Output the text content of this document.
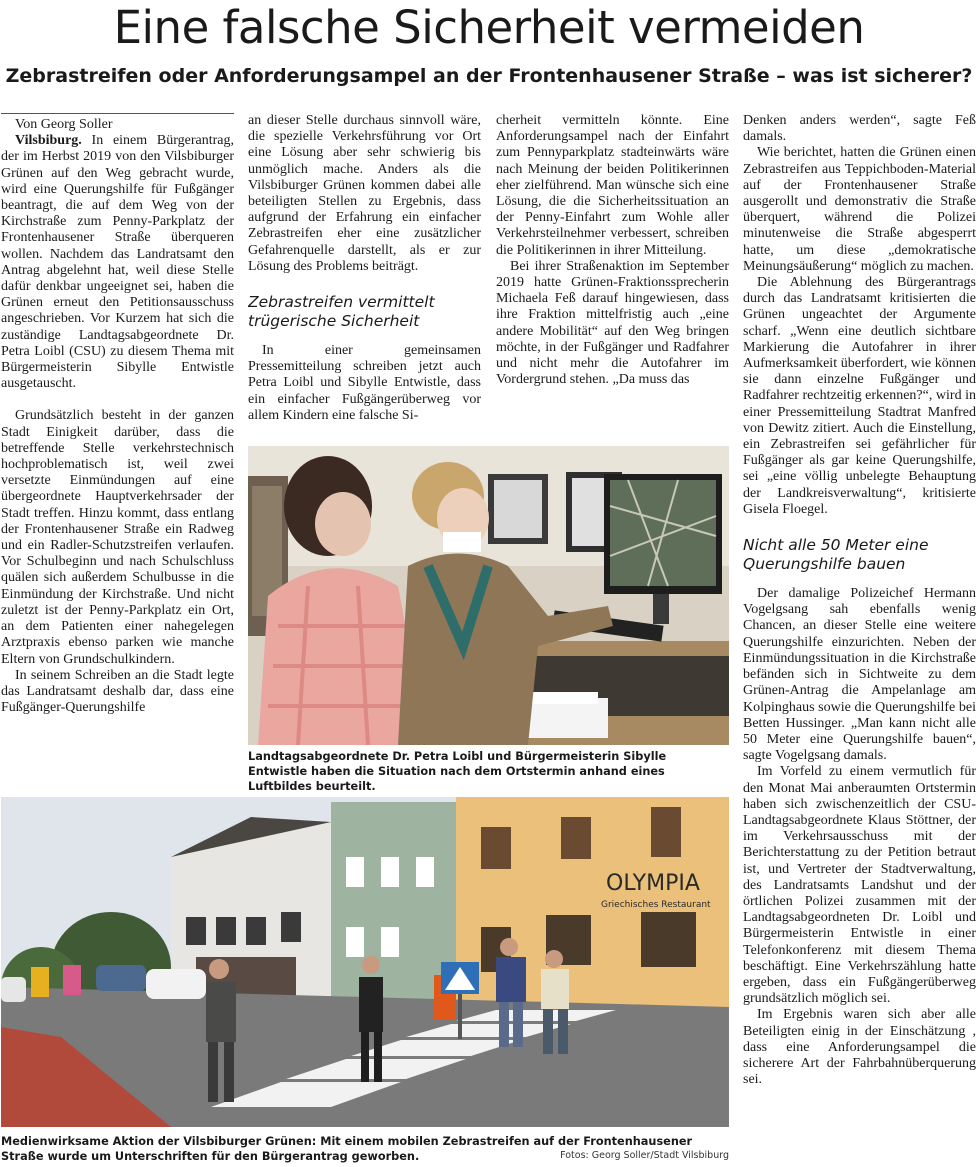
Eine falsche Sicherheit vermeiden
Zebrastreifen oder Anforderungsampel an der Frontenhausener Straße – was ist sicherer?

Von Georg Soller

Vilsbiburg. In einem Bürgerantrag, der im Herbst 2019 von den Vilsbiburger Grünen auf den Weg gebracht wurde, wird eine Querungshilfe für Fußgänger beantragt, die auf dem Weg von der Kirchstraße zum Penny-Parkplatz der Frontenhausener Straße überqueren wollen. Nachdem das Landratsamt den Antrag abgelehnt hat, weil diese Stelle dafür denkbar ungeeignet sei, haben die Grünen erneut den Petitionsausschuss angeschrieben. Vor Kurzem hat sich die zuständige Landtagsabgeordnete Dr. Petra Loibl (CSU) zu diesem Thema mit Bürgermeisterin Sibylle Entwistle ausgetauscht.

Grundsätzlich besteht in der ganzen Stadt Einigkeit darüber, dass die betreffende Stelle verkehrstechnisch hochproblematisch ist, weil zwei versetzte Einmündungen auf eine übergeordnete Hauptverkehrsader der Stadt treffen. Hinzu kommt, dass entlang der Frontenhausener Straße ein Radweg und ein Radler-Schutzstreifen verlaufen. Vor Schulbeginn und nach Schulschluss quälen sich außerdem Schulbusse in die Einmündung der Kirchstraße. Und nicht zuletzt ist der Penny-Parkplatz ein Ort, an dem Patienten einer nahegelegen Arztpraxis ebenso parken wie manche Eltern von Grundschulkindern.

In seinem Schreiben an die Stadt legte das Landratsamt deshalb dar, dass eine Fußgänger-Querungshilfe

an dieser Stelle durchaus sinnvoll wäre, die spezielle Verkehrsführung vor Ort eine Lösung aber sehr schwierig bis unmöglich mache. Anders als die Vilsbiburger Grünen kommen dabei alle beteiligten Stellen zu Ergebnis, dass aufgrund der Erfahrung ein einfacher Zebrastreifen eher eine zusätzlicher Gefahrenquelle darstellt, als er zur Lösung des Problems beiträgt.

Zebrastreifen vermittelt trügerische Sicherheit

In einer gemeinsamen Pressemitteilung schreiben jetzt auch Petra Loibl und Sibylle Entwistle, dass ein einfacher Fußgängerüberweg vor allem Kindern eine falsche Si-

cherheit vermitteln könnte. Eine Anforderungsampel nach der Einfahrt zum Pennyparkplatz stadteinwärts wäre nach Meinung der beiden Politikerinnen eher zielführend. Man wünsche sich eine Lösung, die die Sicherheitssituation an der Penny-Einfahrt zum Wohle aller Verkehrsteilnehmer verbessert, schreiben die Politikerinnen in ihrer Mitteilung.

Bei ihrer Straßenaktion im September 2019 hatte Grünen-Fraktionssprecherin Michaela Feß darauf hingewiesen, dass ihre Fraktion mittelfristig auch „eine andere Mobilität“ auf den Weg bringen möchte, in der Fußgänger und Radfahrer und nicht mehr die Autofahrer im Vordergrund stehen. „Da muss das

Denken anders werden“, sagte Feß damals.

Wie berichtet, hatten die Grünen einen Zebrastreifen aus Teppichboden-Material auf der Frontenhausener Straße ausgerollt und demonstrativ die Straße überquert, während die Polizei minutenweise die Straße abgesperrt hatte, um diese „demokratische Meinungsäußerung“ möglich zu machen.

Die Ablehnung des Bürgerantrags durch das Landratsamt kritisierten die Grünen ungeachtet der Argumente scharf. „Wenn eine deutlich sichtbare Markierung die Autofahrer in ihrer Aufmerksamkeit überfordert, wie können sie dann einzelne Fußgänger und Radfahrer rechtzeitig erkennen?“, wird in einer Pressemitteilung Stadtrat Manfred von Dewitz zitiert. Auch die Einstellung, ein Zebrastreifen sei gefährlicher für Fußgänger als gar keine Querungshilfe, sei „eine völlig unbelegte Behauptung der Landkreisverwaltung“, kritisierte Gisela Floegel.

Nicht alle 50 Meter eine Querungshilfe bauen

Der damalige Polizeichef Hermann Vogelgsang sah ebenfalls wenig Chancen, an dieser Stelle eine weitere Querungshilfe einzurichten. Neben der Einmündungssituation in die Kirchstraße befänden sich in Sichtweite zu dem Grünen-Antrag die Ampelanlage am Kolpinghaus sowie die Querungshilfe bei Betten Hussinger. „Man kann nicht alle 50 Meter eine Querungshilfe bauen“, sagte Vogelgsang damals.

Im Vorfeld zu einem vermutlich für den Monat Mai anberaumten Ortstermin haben sich zwischenzeitlich der CSU-Landtagsabgeordnete Klaus Stöttner, der im Verkehrsausschuss mit der Berichterstattung zu der Petition betraut ist, und Vertreter der Stadtverwaltung, des Landratsamts Landshut und der örtlichen Polizei zusammen mit der Landtagsabgeordneten Dr. Loibl und Bürgermeisterin Entwistle in einer Telefonkonferenz mit diesem Thema beschäftigt. Eine Verkehrszählung hatte ergeben, dass ein Fußgängerüberweg grundsätzlich möglich sei.

Im Ergebnis waren sich aber alle Beteiligten einig in der Einschätzung , dass eine Anforderungsampel die sicherere Art der Fahrbahnüberquerung sei.

Landtagsabgeordnete Dr. Petra Loibl und Bürgermeisterin Sibylle Entwistle haben die Situation nach dem Ortstermin anhand eines Luftbildes beurteilt.
OLYMPIA
Griechisches Restaurant
Medienwirksame Aktion der Vilsbiburger Grünen: Mit einem mobilen Zebrastreifen auf der Frontenhausener Straße wurde um Unterschriften für den Bürgerantrag geworben.	Fotos: Georg Soller/Stadt Vilsbiburg
